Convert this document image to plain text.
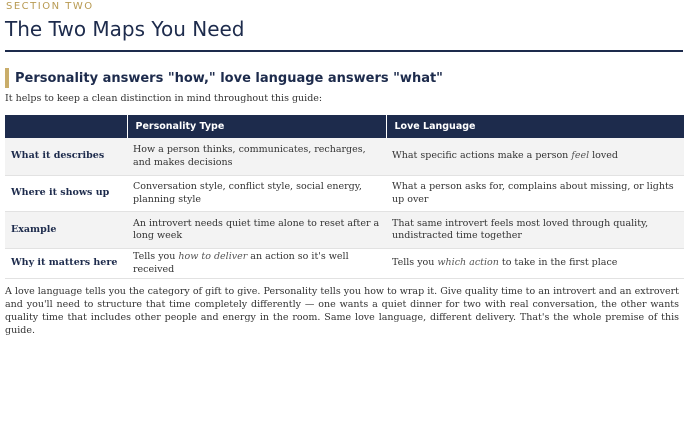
SECTION TWO
The Two Maps You Need
Personality answers "how," love language answers "what"

It helps to keep a clean distinction in mind throughout this guide:

	Personality Type	Love Language
What it describes	How a person thinks, communicates, recharges, and makes decisions	What specific actions make a person feel loved
Where it shows up	Conversation style, conflict style, social energy, planning style	What a person asks for, complains about missing, or lights up over
Example	An introvert needs quiet time alone to reset after a long week	That same introvert feels most loved through quality, undistracted time together
Why it matters here	Tells you how to deliver an action so it's well received	Tells you which action to take in the first place

A love language tells you the category of gift to give. Personality tells you how to wrap it. Give quality time to an introvert and an extrovert and you'll need to structure that time completely differently — one wants a quiet dinner for two with real conversation, the other wants quality time that includes other people and energy in the room. Same love language, different delivery. That's the whole premise of this guide.
